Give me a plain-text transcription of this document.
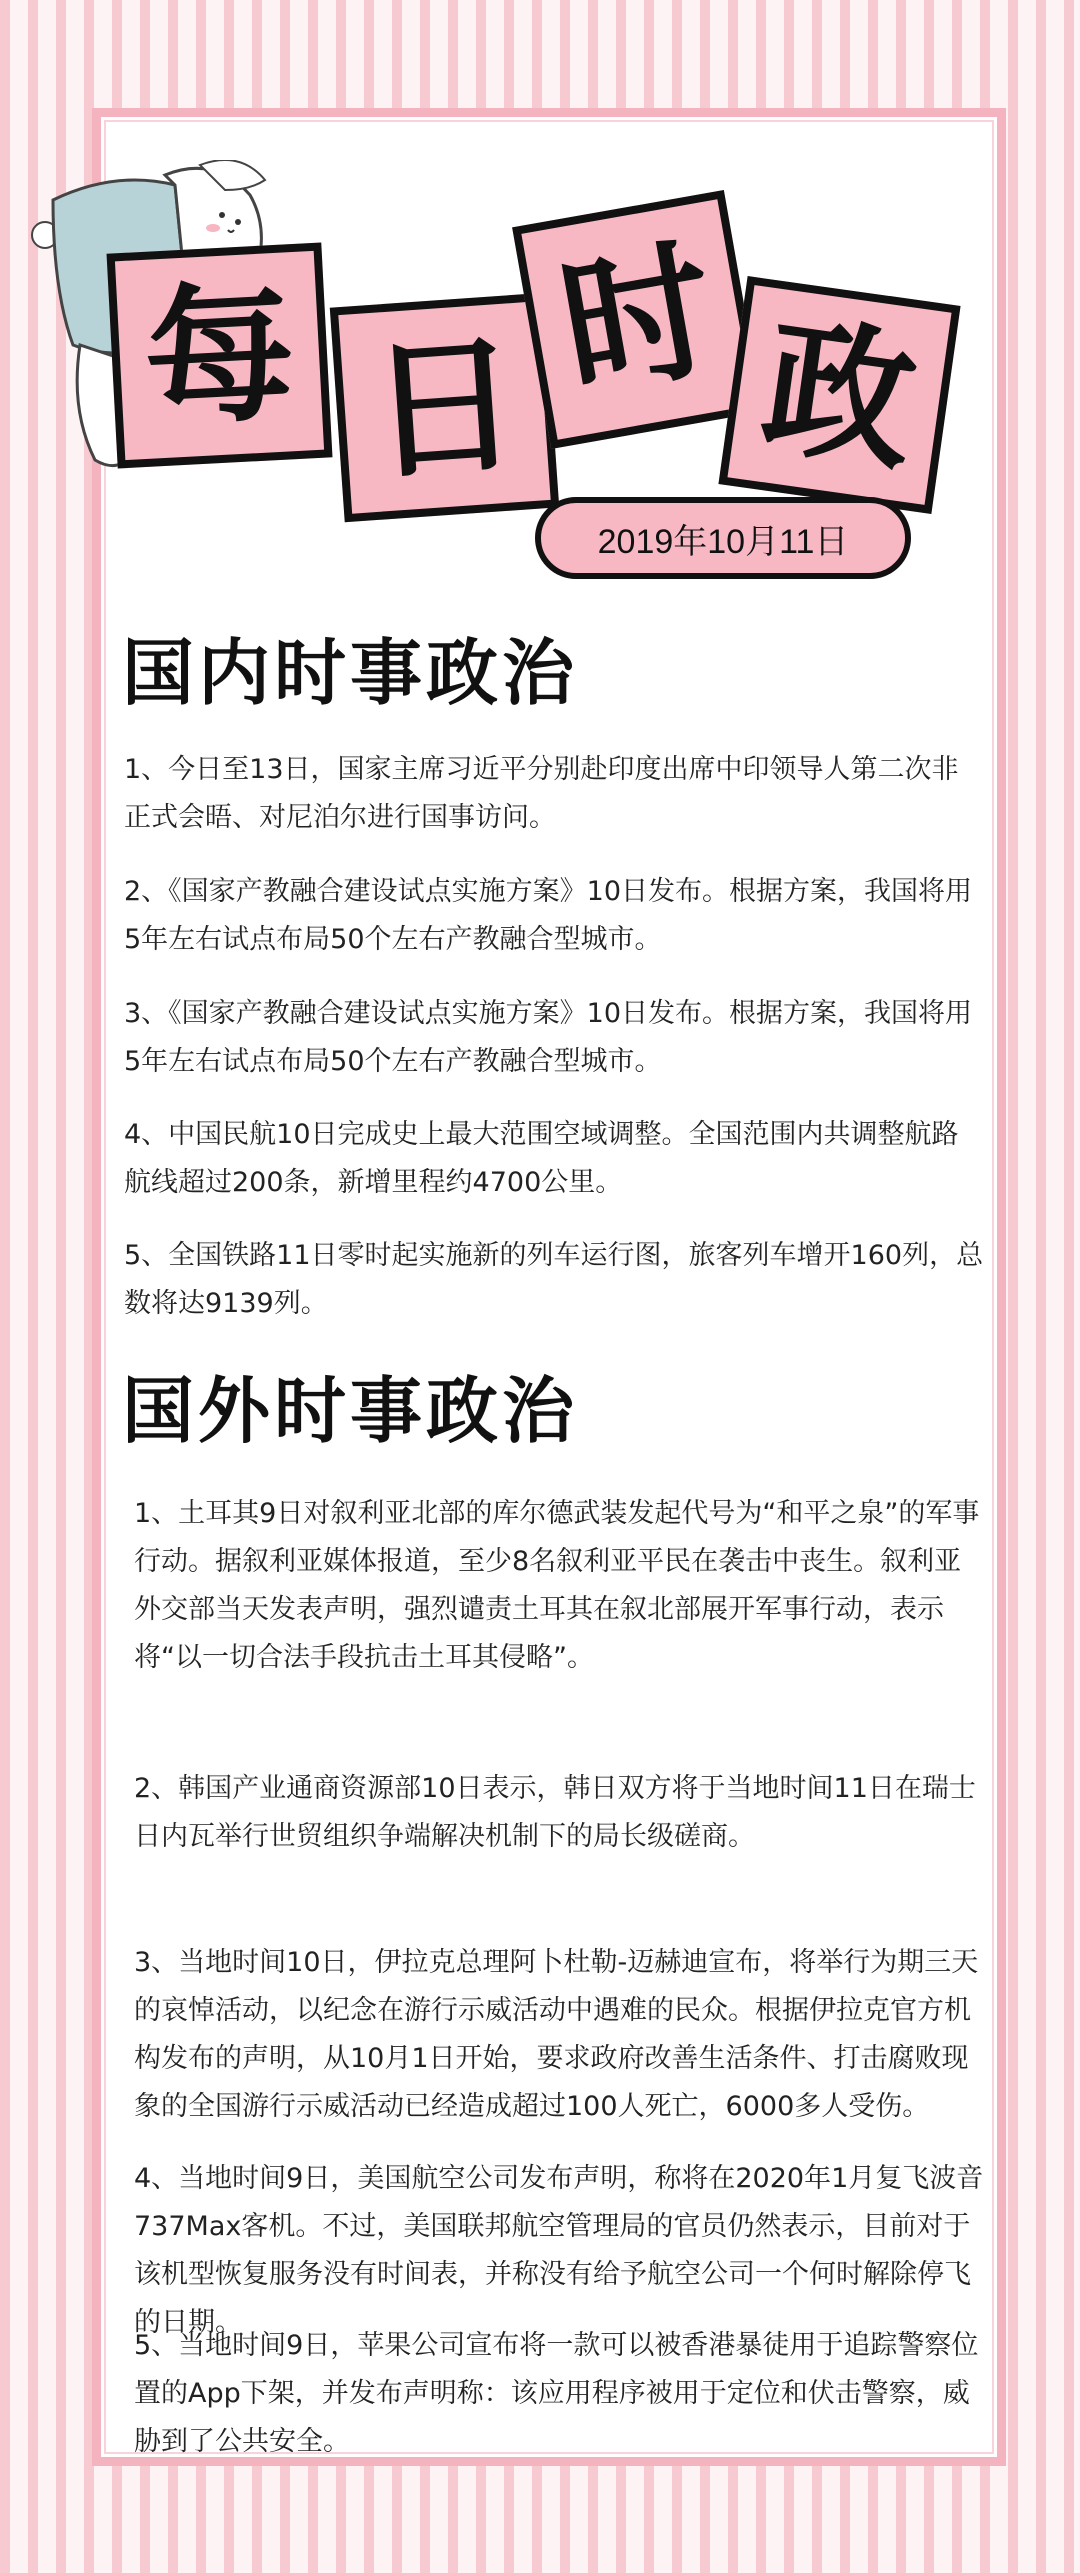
每 日 时 政
2019年10月11日
国内时事政治

1、今日至13日，国家主席习近平分别赴印度出席中印领导人第二次非正式会晤、对尼泊尔进行国事访问。

2、《国家产教融合建设试点实施方案》10日发布。根据方案，我国将用5年左右试点布局50个左右产教融合型城市。

3、《国家产教融合建设试点实施方案》10日发布。根据方案，我国将用5年左右试点布局50个左右产教融合型城市。

4、中国民航10日完成史上最大范围空域调整。全国范围内共调整航路航线超过200条，新增里程约4700公里。

5、全国铁路11日零时起实施新的列车运行图，旅客列车增开160列，总数将达9139列。

国外时事政治

1、土耳其9日对叙利亚北部的库尔德武装发起代号为“和平之泉”的军事行动。据叙利亚媒体报道，至少8名叙利亚平民在袭击中丧生。叙利亚外交部当天发表声明，强烈谴责土耳其在叙北部展开军事行动，表示将“以一切合法手段抗击土耳其侵略”。

2、韩国产业通商资源部10日表示，韩日双方将于当地时间11日在瑞士日内瓦举行世贸组织争端解决机制下的局长级磋商。

3、当地时间10日，伊拉克总理阿卜杜勒-迈赫迪宣布，将举行为期三天的哀悼活动，以纪念在游行示威活动中遇难的民众。根据伊拉克官方机构发布的声明，从10月1日开始，要求政府改善生活条件、打击腐败现象的全国游行示威活动已经造成超过100人死亡，6000多人受伤。

4、当地时间9日，美国航空公司发布声明，称将在2020年1月复飞波音737Max客机。不过，美国联邦航空管理局的官员仍然表示，目前对于该机型恢复服务没有时间表，并称没有给予航空公司一个何时解除停飞的日期。

5、当地时间9日，苹果公司宣布将一款可以被香港暴徒用于追踪警察位置的App下架，并发布声明称：该应用程序被用于定位和伏击警察，威胁到了公共安全。
